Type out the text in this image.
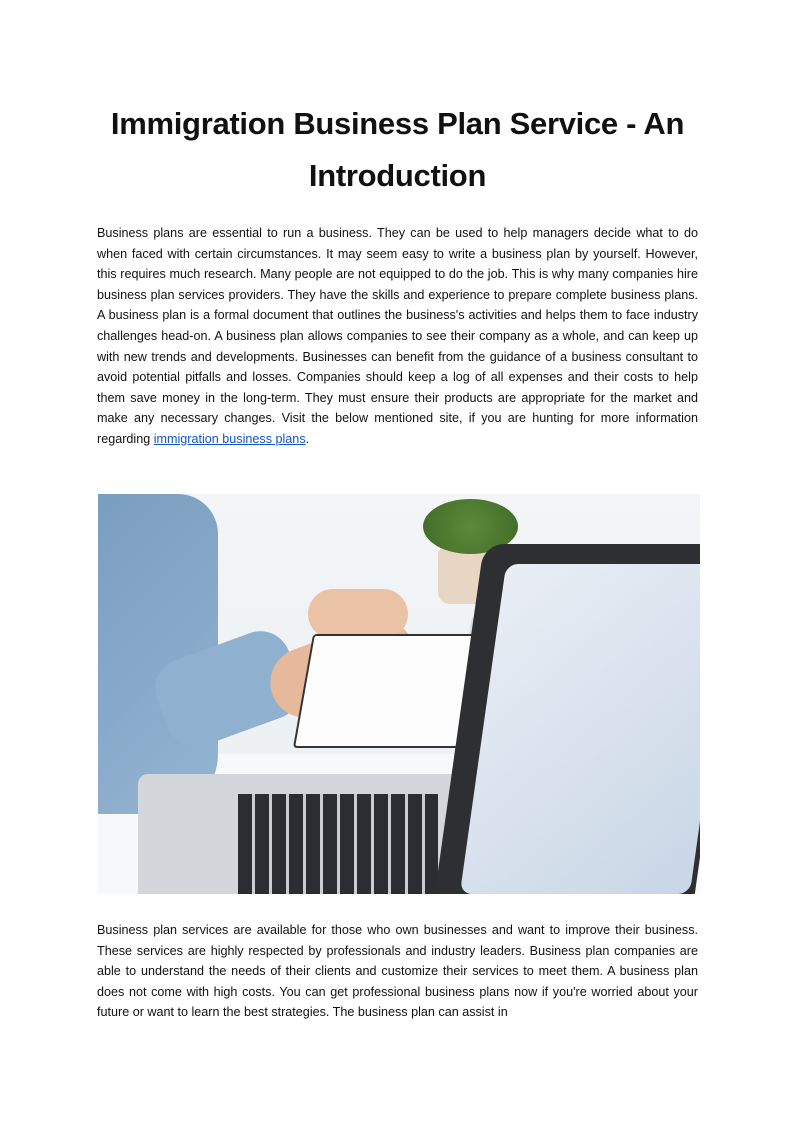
Immigration Business Plan Service - An Introduction

Business plans are essential to run a business. They can be used to help managers decide what to do when faced with certain circumstances. It may seem easy to write a business plan by yourself. However, this requires much research. Many people are not equipped to do the job. This is why many companies hire business plan services providers. They have the skills and experience to prepare complete business plans. A business plan is a formal document that outlines the business's activities and helps them to face industry challenges head-on. A business plan allows companies to see their company as a whole, and can keep up with new trends and developments. Businesses can benefit from the guidance of a business consultant to avoid potential pitfalls and losses. Companies should keep a log of all expenses and their costs to help them save money in the long-term. They must ensure their products are appropriate for the market and make any necessary changes. Visit the below mentioned site, if you are hunting for more information regarding immigration business plans.

Business plan services are available for those who own businesses and want to improve their business. These services are highly respected by professionals and industry leaders. Business plan companies are able to understand the needs of their clients and customize their services to meet them. A business plan does not come with high costs. You can get professional business plans now if you're worried about your future or want to learn the best strategies. The business plan can assist in
